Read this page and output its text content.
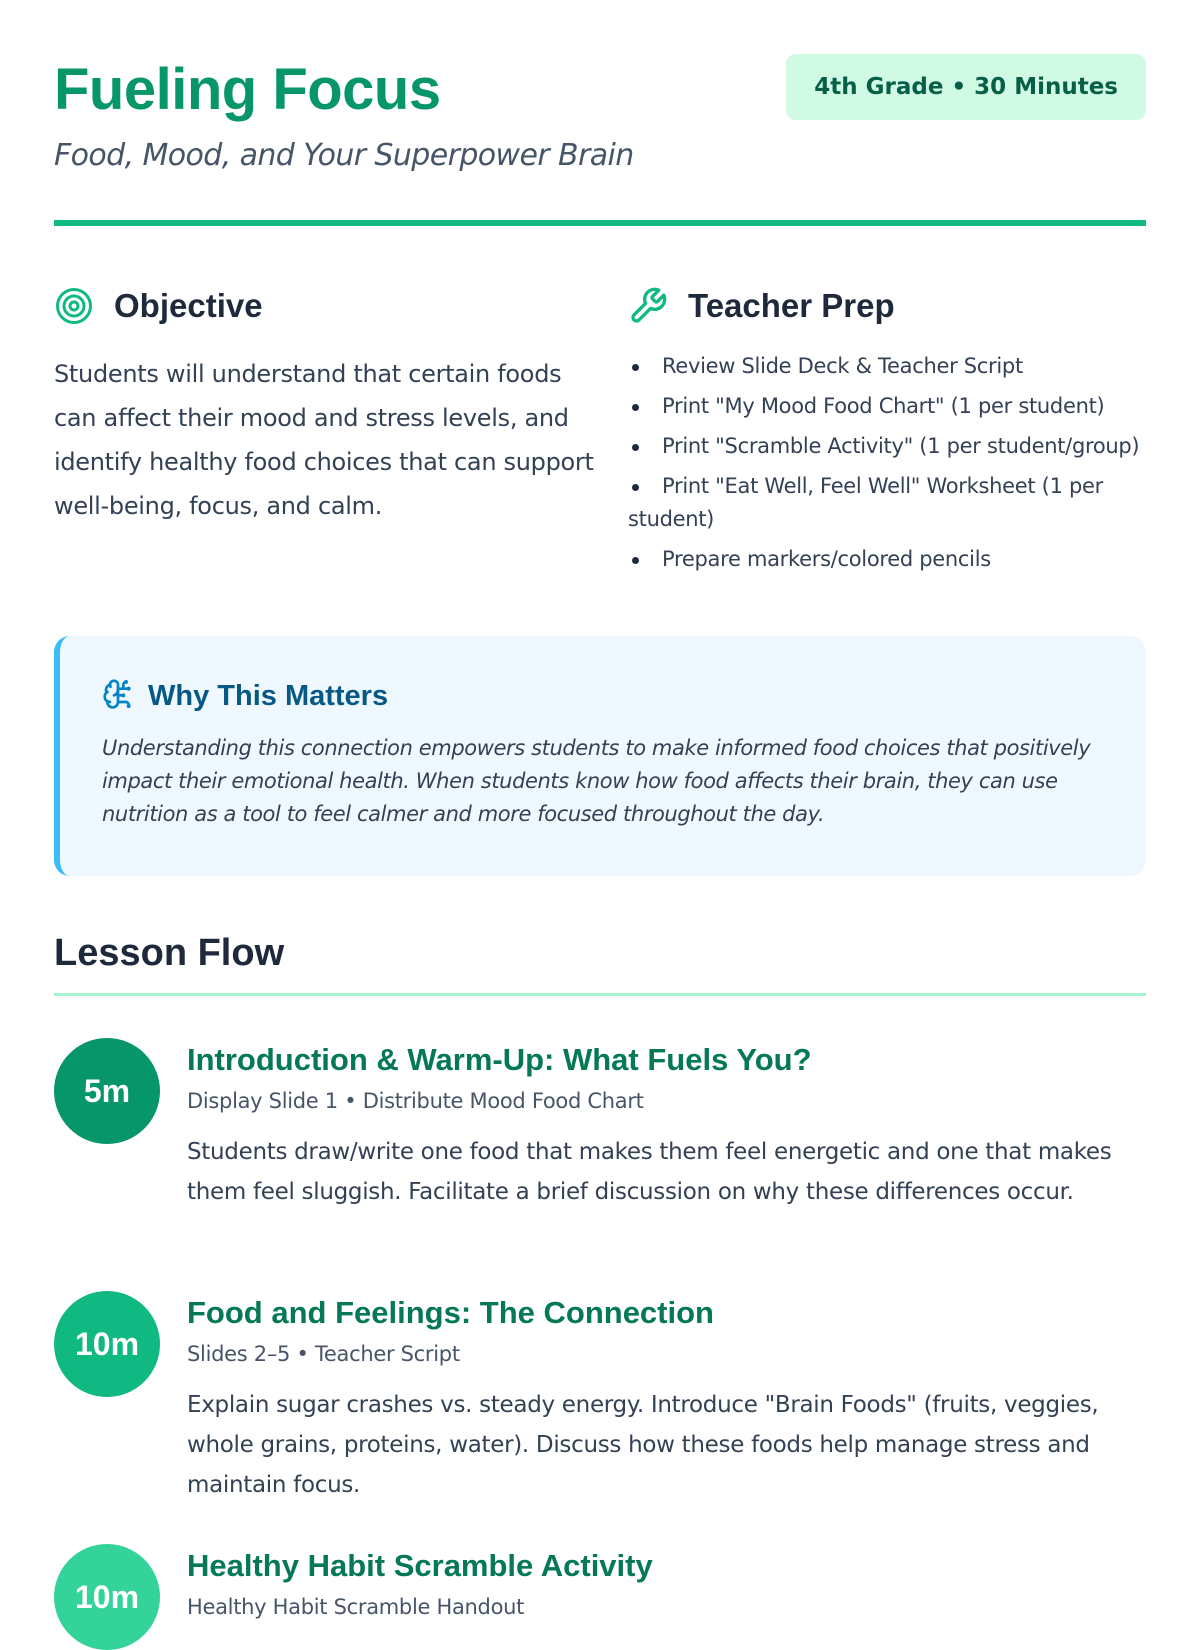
Fueling Focus

Food, Mood, and Your Superpower Brain

4th Grade • 30 Minutes
Objective

Students will understand that certain foods can affect their mood and stress levels, and identify healthy food choices that can support well-being, focus, and calm.

Teacher Prep
Review Slide Deck & Teacher Script
Print "My Mood Food Chart" (1 per student)
Print "Scramble Activity" (1 per student/group)
Print "Eat Well, Feel Well" Worksheet (1 per student)
Prepare markers/colored pencils
Why This Matters

Understanding this connection empowers students to make informed food choices that positively impact their emotional health. When students know how food affects their brain, they can use nutrition as a tool to feel calmer and more focused throughout the day.

Lesson Flow
5m
Introduction & Warm-Up: What Fuels You?

Display Slide 1 • Distribute Mood Food Chart

Students draw/write one food that makes them feel energetic and one that makes them feel sluggish. Facilitate a brief discussion on why these differences occur.

10m
Food and Feelings: The Connection

Slides 2–5 • Teacher Script

Explain sugar crashes vs. steady energy. Introduce "Brain Foods" (fruits, veggies, whole grains, proteins, water). Discuss how these foods help manage stress and maintain focus.

10m
Healthy Habit Scramble Activity

Healthy Habit Scramble Handout
